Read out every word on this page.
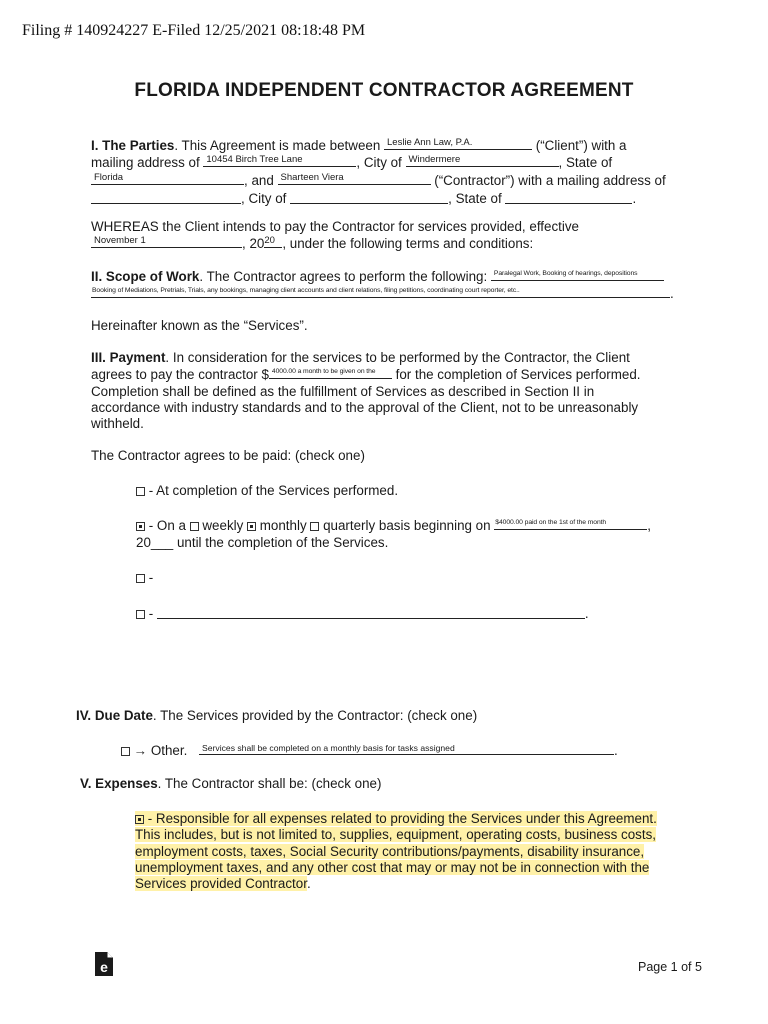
Filing # 140924227 E-Filed 12/25/2021 08:18:48 PM
FLORIDA INDEPENDENT CONTRACTOR AGREEMENT
I. The Parties. This Agreement is made between Leslie Ann Law, P.A.	(“Client”) with a
mailing address of 10454 Birch Tree Lane	, City of Windermere	, State of
Florida	, and Sharteen Viera	(“Contractor”) with a mailing address of
, City of	, State of	.
WHEREAS the Client intends to pay the Contractor for services provided, effective
November 1	, 2020 , under the following terms and conditions:
II. Scope of Work. The Contractor agrees to perform the following: Paralegal Work, Booking of hearings, depositions
Booking of Mediations, Pretrials, Trials, any bookings, managing client accounts and client relations, filing petitions, coordinating court reporter, etc..	.
Hereinafter known as the “Services”.
III. Payment. In consideration for the services to be performed by the Contractor, the Client
agrees to pay the contractor $ 4000.00 a month to be given on the for the completion of Services performed.
Completion shall be defined as the fulfillment of Services as described in Section II in
accordance with industry standards and to the approval of the Client, not to be unreasonably
withheld.
The Contractor agrees to be paid: (check one)
- At completion of the Services performed.
- On a  weekly  monthly  quarterly basis beginning on $4000.00 paid on the 1st of the month	,
20___ until the completion of the Services.
-
-	.
IV. Due Date. The Services provided by the Contractor: (check one)
→ Other. Services shall be completed on a monthly basis for tasks assigned	.
V. Expenses. The Contractor shall be: (check one)
- Responsible for all expenses related to providing the Services under this Agreement.
This includes, but is not limited to, supplies, equipment, operating costs, business costs,
employment costs, taxes, Social Security contributions/payments, disability insurance,
unemployment taxes, and any other cost that may or may not be in connection with the
Services provided Contractor.
e	Page 1 of 5
